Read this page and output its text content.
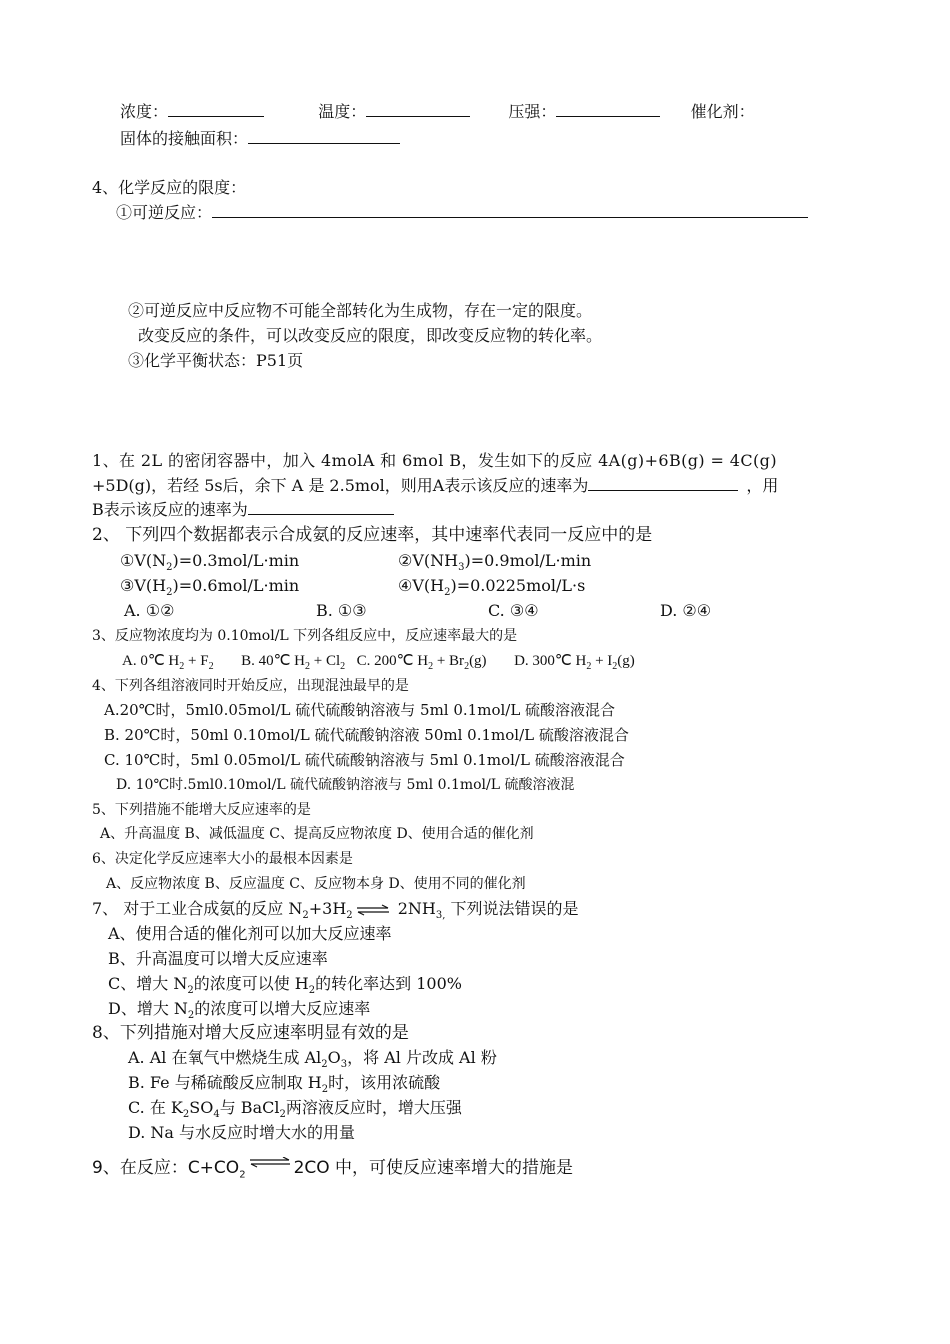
浓度：	温度：	压强：	催化剂：
固体的接触面积：
4、化学反应的限度：
①可逆反应：
②可逆反应中反应物不可能全部转化为生成物，存在一定的限度。
改变反应的条件，可以改变反应的限度，即改变反应物的转化率。
③化学平衡状态：P51页
1、在 2L 的密闭容器中，加入 4molA 和 6mol B，发生如下的反应 4A(g)+6B(g) = 4C(g)
+5D(g)，若经 5s后，余下 A 是 2.5mol，则用A表示该反应的速率为	，用
B表示该反应的速率为
2、 下列四个数据都表示合成氨的反应速率，其中速率代表同一反应中的是
$①V(N_2)=0.3mol/L\cdot\min$	$②V(NH_3)=0.9mol/L\cdot\min$
$③V(H_2)=0.6mol/L\cdot\min$	$④V(H_2)=0.0225mol/L\cdot s$
A. ①②	B. ①③	C. ③④	D. ②④
3、反应物浓度均为 0.10mol/L 下列各组反应中，反应速率最大的是
A. 0℃ $H_2 + F_2$ B. 40℃ $H_2 + Cl_2$ C. 200℃ $H_2 + Br_2(g)$ D. 300℃ $H_2 + I_2(g)$
4、下列各组溶液同时开始反应，出现混浊最早的是
A.20℃时，5ml0.05mol/L 硫代硫酸钠溶液与 5ml 0.1mol/L 硫酸溶液混合
B. 20℃时，50ml 0.10mol/L 硫代硫酸钠溶液 50ml 0.1mol/L 硫酸溶液混合
C. 10℃时，5ml 0.05mol/L 硫代硫酸钠溶液与 5ml 0.1mol/L 硫酸溶液混合
D. 10℃时.5ml0.10mol/L 硫代硫酸钠溶液与 5ml 0.1mol/L 硫酸溶液混
5、下列措施不能增大反应速率的是
A、升高温度 B、减低温度 C、提高反应物浓度 D、使用合适的催化剂
6、决定化学反应速率大小的最根本因素是
A、反应物浓度 B、反应温度 C、反应物本身 D、使用不同的催化剂
7、 对于工业合成氨的反应 $N_2+3H_2$ ⇌ $2NH_{3,}$ 下列说法错误的是
A、使用合适的催化剂可以加大反应速率
B、升高温度可以增大反应速率
C、增大 $N_2$的浓度可以使 $H_2$的转化率达到 100%
D、增大 $N_2$的浓度可以增大反应速率
8、下列措施对增大反应速率明显有效的是
A. Al 在氧气中燃烧生成 $Al_2O_3$，将 Al 片改成 Al 粉
B. Fe 与稀硫酸反应制取 $H_2$时，该用浓硫酸
C. 在 $K_2SO_4$与 BaCl$_2$两溶液反应时，增大压强
D. Na 与水反应时增大水的用量
9、在反应：$C+CO_2$ ⇌ 2CO 中，可使反应速率增大的措施是
